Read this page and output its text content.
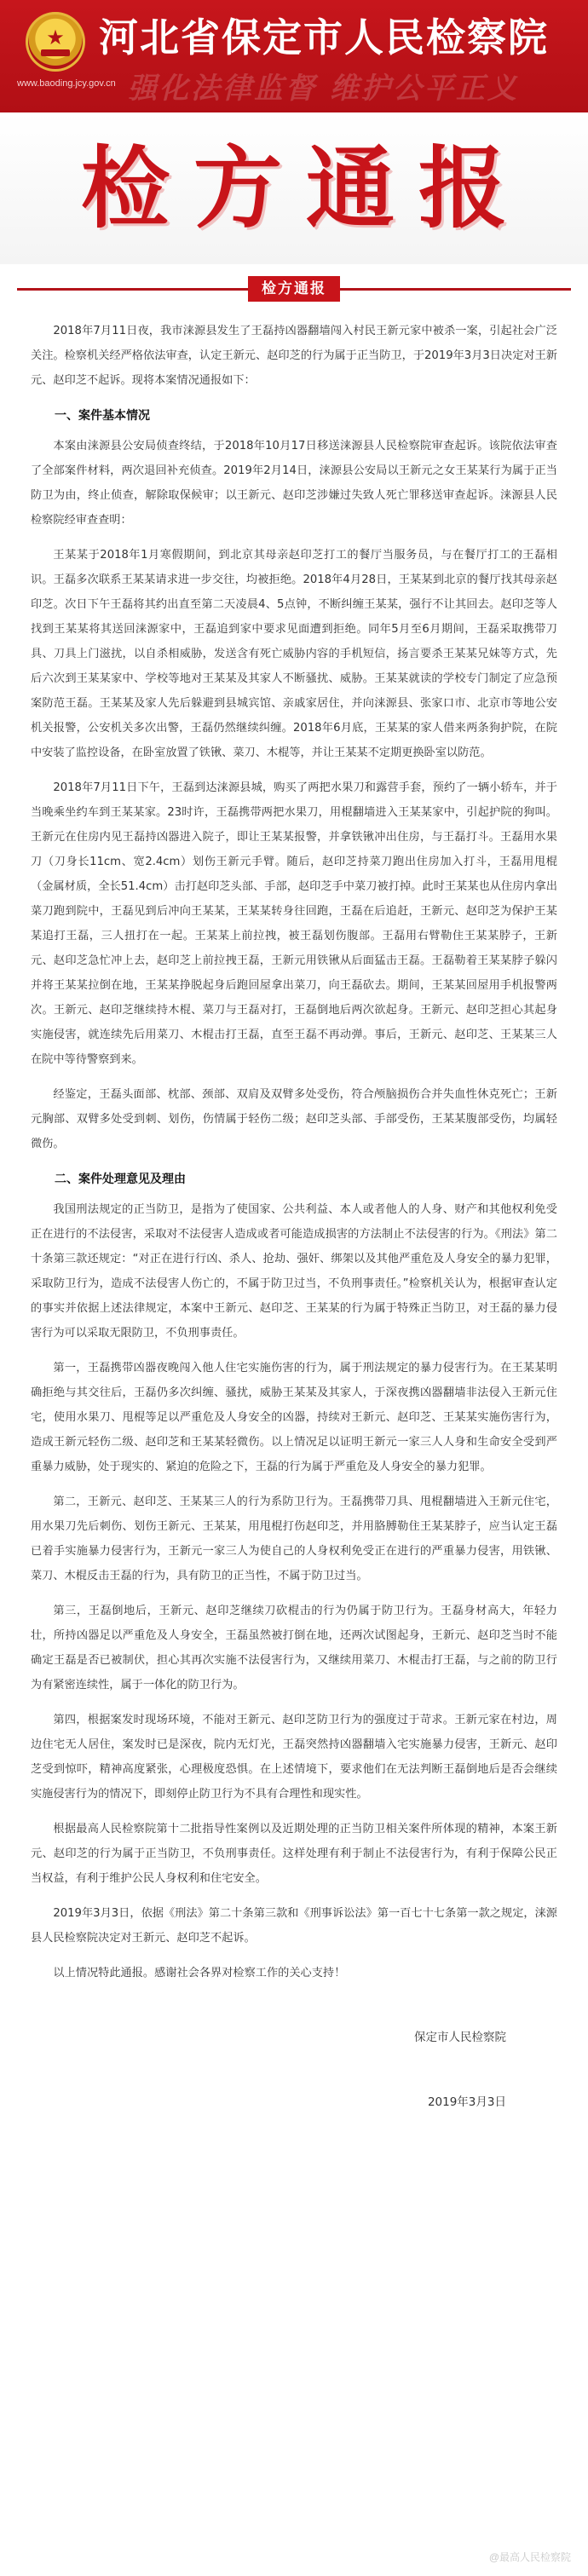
★
www.baoding.jcy.gov.cn
河北省保定市人民检察院
强化法律监督 维护公平正义
检方通报
检方通报

2018年7月11日夜，我市涞源县发生了王磊持凶器翻墙闯入村民王新元家中被杀一案，引起社会广泛关注。检察机关经严格依法审查，认定王新元、赵印芝的行为属于正当防卫，于2019年3月3日决定对王新元、赵印芝不起诉。现将本案情况通报如下：

一、案件基本情况

本案由涞源县公安局侦查终结，于2018年10月17日移送涞源县人民检察院审查起诉。该院依法审查了全部案件材料，两次退回补充侦查。2019年2月14日，涞源县公安局以王新元之女王某某行为属于正当防卫为由，终止侦查，解除取保候审；以王新元、赵印芝涉嫌过失致人死亡罪移送审查起诉。涞源县人民检察院经审查查明：

王某某于2018年1月寒假期间，到北京其母亲赵印芝打工的餐厅当服务员，与在餐厅打工的王磊相识。王磊多次联系王某某请求进一步交往，均被拒绝。2018年4月28日，王某某到北京的餐厅找其母亲赵印芝。次日下午王磊将其约出直至第二天凌晨4、5点钟，不断纠缠王某某，强行不让其回去。赵印芝等人找到王某某将其送回涞源家中，王磊追到家中要求见面遭到拒绝。同年5月至6月期间，王磊采取携带刀具、刀具上门滋扰，以自杀相威胁，发送含有死亡威胁内容的手机短信，扬言要杀王某某兄妹等方式，先后六次到王某某家中、学校等地对王某某及其家人不断骚扰、威胁。王某某就读的学校专门制定了应急预案防范王磊。王某某及家人先后躲避到县城宾馆、亲戚家居住，并向涞源县、张家口市、北京市等地公安机关报警，公安机关多次出警，王磊仍然继续纠缠。2018年6月底，王某某的家人借来两条狗护院，在院中安装了监控设备，在卧室放置了铁锹、菜刀、木棍等，并让王某某不定期更换卧室以防范。

2018年7月11日下午，王磊到达涞源县城，购买了两把水果刀和露营手套，预约了一辆小轿车，并于当晚乘坐约车到王某某家。23时许，王磊携带两把水果刀，用棍翻墙进入王某某家中，引起护院的狗叫。王新元在住房内见王磊持凶器进入院子，即让王某某报警，并拿铁锹冲出住房，与王磊打斗。王磊用水果刀（刀身长11cm、宽2.4cm）划伤王新元手臂。随后，赵印芝持菜刀跑出住房加入打斗，王磊用甩棍（金属材质，全长51.4cm）击打赵印芝头部、手部，赵印芝手中菜刀被打掉。此时王某某也从住房内拿出菜刀跑到院中，王磊见到后冲向王某某，王某某转身往回跑，王磊在后追赶，王新元、赵印芝为保护王某某追打王磊，三人扭打在一起。王某某上前拉拽，被王磊划伤腹部。王磊用右臂勒住王某某脖子，王新元、赵印芝急忙冲上去，赵印芝上前拉拽王磊，王新元用铁锹从后面猛击王磊。王磊勒着王某某脖子躲闪并将王某某拉倒在地，王某某挣脱起身后跑回屋拿出菜刀，向王磊砍去。期间，王某某回屋用手机报警两次。王新元、赵印芝继续持木棍、菜刀与王磊对打，王磊倒地后两次欲起身。王新元、赵印芝担心其起身实施侵害，就连续先后用菜刀、木棍击打王磊，直至王磊不再动弹。事后，王新元、赵印芝、王某某三人在院中等待警察到来。

经鉴定，王磊头面部、枕部、颈部、双肩及双臂多处受伤，符合颅脑损伤合并失血性休克死亡；王新元胸部、双臂多处受到刺、划伤，伤情属于轻伤二级；赵印芝头部、手部受伤，王某某腹部受伤，均属轻微伤。

二、案件处理意见及理由

我国刑法规定的正当防卫，是指为了使国家、公共利益、本人或者他人的人身、财产和其他权利免受正在进行的不法侵害，采取对不法侵害人造成或者可能造成损害的方法制止不法侵害的行为。《刑法》第二十条第三款还规定：“对正在进行行凶、杀人、抢劫、强奸、绑架以及其他严重危及人身安全的暴力犯罪，采取防卫行为，造成不法侵害人伤亡的，不属于防卫过当，不负刑事责任。”检察机关认为，根据审查认定的事实并依据上述法律规定，本案中王新元、赵印芝、王某某的行为属于特殊正当防卫，对王磊的暴力侵害行为可以采取无限防卫，不负刑事责任。

第一，王磊携带凶器夜晚闯入他人住宅实施伤害的行为，属于刑法规定的暴力侵害行为。在王某某明确拒绝与其交往后，王磊仍多次纠缠、骚扰，威胁王某某及其家人，于深夜携凶器翻墙非法侵入王新元住宅，使用水果刀、甩棍等足以严重危及人身安全的凶器，持续对王新元、赵印芝、王某某实施伤害行为，造成王新元轻伤二级、赵印芝和王某某轻微伤。以上情况足以证明王新元一家三人人身和生命安全受到严重暴力威胁，处于现实的、紧迫的危险之下，王磊的行为属于严重危及人身安全的暴力犯罪。

第二，王新元、赵印芝、王某某三人的行为系防卫行为。王磊携带刀具、甩棍翻墙进入王新元住宅，用水果刀先后刺伤、划伤王新元、王某某，用甩棍打伤赵印芝，并用胳膊勒住王某某脖子，应当认定王磊已着手实施暴力侵害行为，王新元一家三人为使自己的人身权利免受正在进行的严重暴力侵害，用铁锹、菜刀、木棍反击王磊的行为，具有防卫的正当性，不属于防卫过当。

第三，王磊倒地后，王新元、赵印芝继续刀砍棍击的行为仍属于防卫行为。王磊身材高大，年轻力壮，所持凶器足以严重危及人身安全，王磊虽然被打倒在地，还两次试图起身，王新元、赵印芝当时不能确定王磊是否已被制伏，担心其再次实施不法侵害行为，又继续用菜刀、木棍击打王磊，与之前的防卫行为有紧密连续性，属于一体化的防卫行为。

第四，根据案发时现场环境，不能对王新元、赵印芝防卫行为的强度过于苛求。王新元家在村边，周边住宅无人居住，案发时已是深夜，院内无灯光，王磊突然持凶器翻墙入宅实施暴力侵害，王新元、赵印芝受到惊吓，精神高度紧张，心理极度恐惧。在上述情境下，要求他们在无法判断王磊倒地后是否会继续实施侵害行为的情况下，即刻停止防卫行为不具有合理性和现实性。

根据最高人民检察院第十二批指导性案例以及近期处理的正当防卫相关案件所体现的精神，本案王新元、赵印芝的行为属于正当防卫，不负刑事责任。这样处理有利于制止不法侵害行为，有利于保障公民正当权益，有利于维护公民人身权利和住宅安全。

2019年3月3日，依据《刑法》第二十条第三款和《刑事诉讼法》第一百七十七条第一款之规定，涞源县人民检察院决定对王新元、赵印芝不起诉。

以上情况特此通报。感谢社会各界对检察工作的关心支持！

保定市人民检察院
2019年3月3日
@最高人民检察院
